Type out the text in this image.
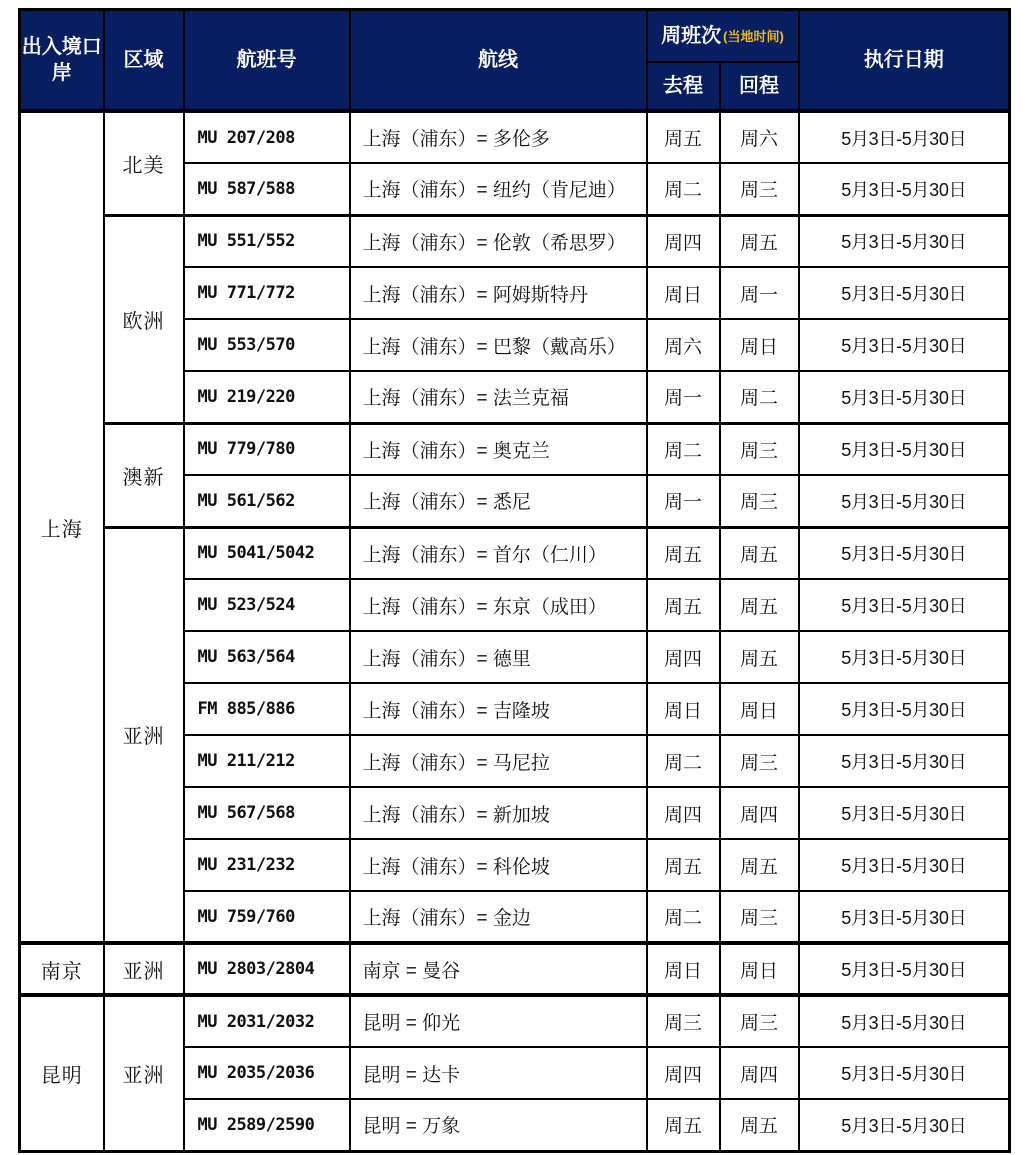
出入境口岸	区域	航班号	航线	周班次 (当地时间)		执行日期
				去程	回程	
上海	北美	MU 207/208	上海（浦东）= 多伦多	周五	周六	5月3日-5月30日
		MU 587/588	上海（浦东）= 纽约（肯尼迪）	周二	周三	5月3日-5月30日
	欧洲	MU 551/552	上海（浦东）= 伦敦（希思罗）	周四	周五	5月3日-5月30日
		MU 771/772	上海（浦东）= 阿姆斯特丹	周日	周一	5月3日-5月30日
		MU 553/570	上海（浦东）= 巴黎（戴高乐）	周六	周日	5月3日-5月30日
		MU 219/220	上海（浦东）= 法兰克福	周一	周二	5月3日-5月30日
	澳新	MU 779/780	上海（浦东）= 奥克兰	周二	周三	5月3日-5月30日
		MU 561/562	上海（浦东）= 悉尼	周一	周三	5月3日-5月30日
	亚洲	MU 5041/5042	上海（浦东）= 首尔（仁川）	周五	周五	5月3日-5月30日
		MU 523/524	上海（浦东）= 东京（成田）	周五	周五	5月3日-5月30日
		MU 563/564	上海（浦东）= 德里	周四	周五	5月3日-5月30日
		FM 885/886	上海（浦东）= 吉隆坡	周日	周日	5月3日-5月30日
		MU 211/212	上海（浦东）= 马尼拉	周二	周三	5月3日-5月30日
		MU 567/568	上海（浦东）= 新加坡	周四	周四	5月3日-5月30日
		MU 231/232	上海（浦东）= 科伦坡	周五	周五	5月3日-5月30日
		MU 759/760	上海（浦东）= 金边	周二	周三	5月3日-5月30日
南京	亚洲	MU 2803/2804	南京 = 曼谷	周日	周日	5月3日-5月30日
昆明	亚洲	MU 2031/2032	昆明 = 仰光	周三	周三	5月3日-5月30日
		MU 2035/2036	昆明 = 达卡	周四	周四	5月3日-5月30日
		MU 2589/2590	昆明 = 万象	周五	周五	5月3日-5月30日
